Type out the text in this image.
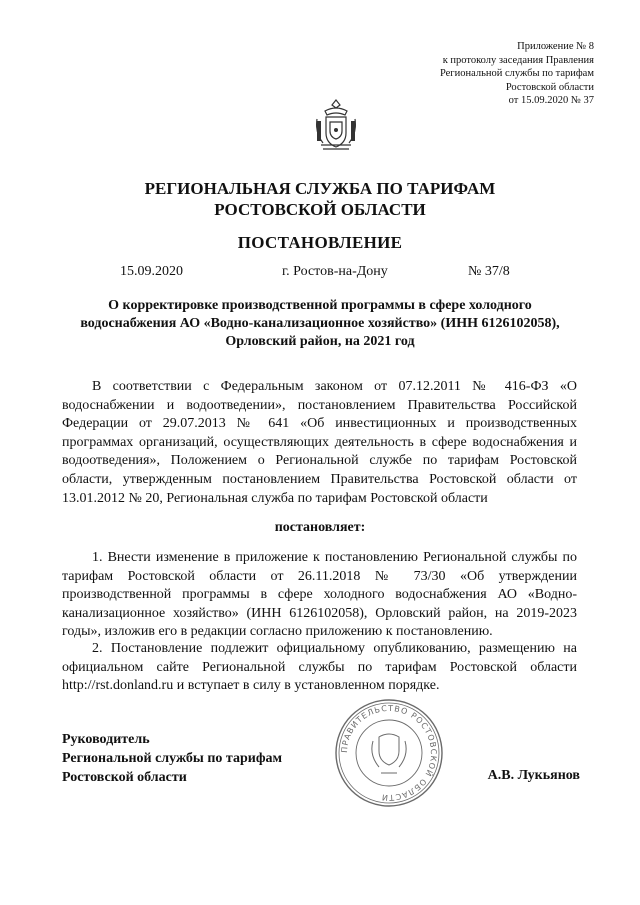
Приложение № 8
к протоколу заседания Правления
Региональной службы по тарифам
Ростовской области
от 15.09.2020 № 37
РЕГИОНАЛЬНАЯ СЛУЖБА ПО ТАРИФАМ
РОСТОВСКОЙ ОБЛАСТИ
ПОСТАНОВЛЕНИЕ
15.09.2020	г. Ростов-на-Дону	№ 37/8
О корректировке производственной программы в сфере холодного
водоснабжения АО «Водно-канализационное хозяйство» (ИНН 6126102058),
Орловский район, на 2021 год
В соответствии с Федеральным законом от 07.12.2011 № 416-ФЗ «О водоснабжении и водоотведении», постановлением Правительства Российской Федерации от 29.07.2013 № 641 «Об инвестиционных и производственных программах организаций, осуществляющих деятельность в сфере водоснабжения и водоотведения», Положением о Региональной службе по тарифам Ростовской области, утвержденным постановлением Правительства Ростовской области от 13.01.2012 № 20, Региональная служба по тарифам Ростовской области
постановляет:
1. Внести изменение в приложение к постановлению Региональной службы по тарифам Ростовской области от 26.11.2018 № 73/30 «Об утверждении производственной программы в сфере холодного водоснабжения АО «Водно-канализационное хозяйство» (ИНН 6126102058), Орловский район, на 2019-2023 годы», изложив его в редакции согласно приложению к постановлению.
2. Постановление подлежит официальному опубликованию, размещению на официальном сайте Региональной службы по тарифам Ростовской области http://rst.donland.ru и вступает в силу в установленном порядке.
ПРАВИТЕЛЬСТВО РОСТОВСКОЙ ОБЛАСТИ
Руководитель
Региональной службы по тарифам
Ростовской области	А.В. Лукьянов
